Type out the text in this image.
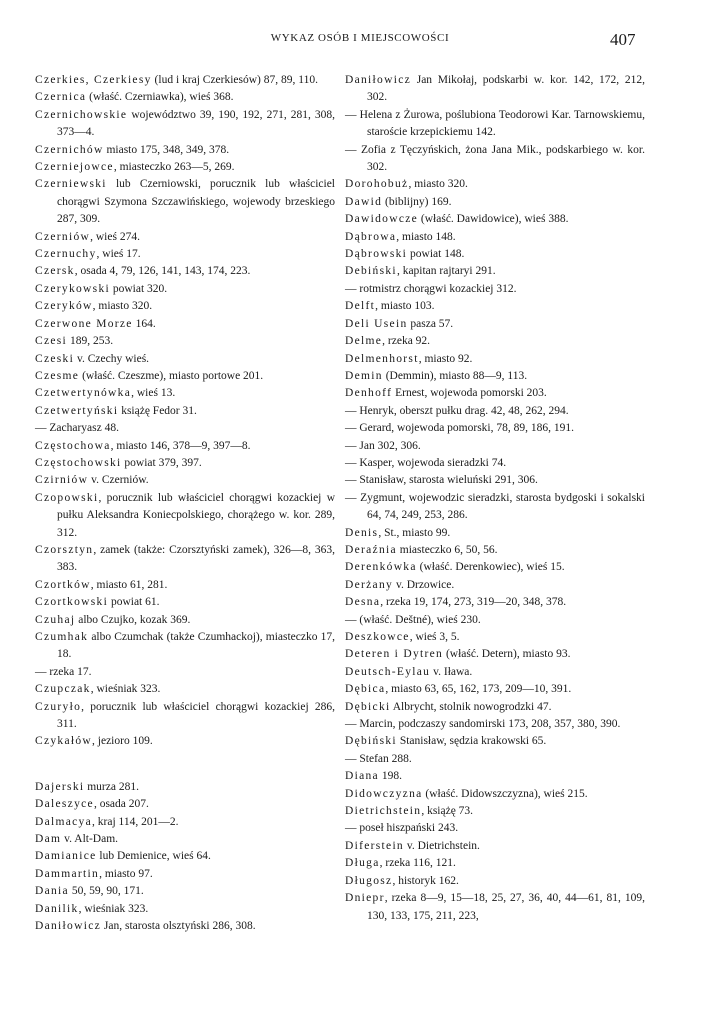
WYKAZ OSÓB I MIEJSCOWOŚCI	407
Czerkies, Czerkiesy (lud i kraj Czerkiesów) 87, 89, 110.
Czernica (właść. Czerniawka), wieś 368.
Czernichowskie województwo 39, 190, 192, 271, 281, 308, 373—4.
Czernichów miasto 175, 348, 349, 378.
Czerniejowce, miasteczko 263—5, 269.
Czerniewski lub Czerniowski, porucznik lub właściciel chorągwi Szymona Szczawińskiego, wojewody brzeskiego 287, 309.
Czerniów, wieś 274.
Czernuchy, wieś 17.
Czersk, osada 4, 79, 126, 141, 143, 174, 223.
Czerykowski powiat 320.
Czeryków, miasto 320.
Czerwone Morze 164.
Czesi 189, 253.
Czeski v. Czechy wieś.
Czesme (właść. Czeszme), miasto portowe 201.
Czetwertynówka, wieś 13.
Czetwertyński książę Fedor 31.
— Zacharyasz 48.
Częstochowa, miasto 146, 378—9, 397—8.
Częstochowski powiat 379, 397.
Czirniów v. Czerniów.
Czopowski, porucznik lub właściciel chorągwi kozackiej w pułku Aleksandra Koniecpolskiego, chorążego w. kor. 289, 312.
Czorsztyn, zamek (także: Czorsztyński zamek), 326—8, 363, 383.
Czortków, miasto 61, 281.
Czortkowski powiat 61.
Czuhaj albo Czujko, kozak 369.
Czumhak albo Czumchak (także Czumhackoj), miasteczko 17, 18.
— rzeka 17.
Czupczak, wieśniak 323.
Czuryło, porucznik lub właściciel chorągwi kozackiej 286, 311.
Czykałów, jezioro 109.
Dajerski murza 281.
Daleszyce, osada 207.
Dalmacya, kraj 114, 201—2.
Dam v. Alt-Dam.
Damianice lub Demienice, wieś 64.
Dammartin, miasto 97.
Dania 50, 59, 90, 171.
Danilik, wieśniak 323.
Daniłowicz Jan, starosta olsztyński 286, 308.
Daniłowicz Jan Mikołaj, podskarbi w. kor. 142, 172, 212, 302.
— Helena z Żurowa, poślubiona Teodorowi Kar. Tarnowskiemu, staroście krzepickiemu 142.
— Zofia z Tęczyńskich, żona Jana Mik., podskarbiego w. kor. 302.
Dorohobuż, miasto 320.
Dawid (biblijny) 169.
Dawidowcze (właść. Dawidowice), wieś 388.
Dąbrowa, miasto 148.
Dąbrowski powiat 148.
Debiński, kapitan rajtaryi 291.
— rotmistrz chorągwi kozackiej 312.
Delft, miasto 103.
Deli Usein pasza 57.
Delme, rzeka 92.
Delmenhorst, miasto 92.
Demin (Demmin), miasto 88—9, 113.
Denhoff Ernest, wojewoda pomorski 203.
— Henryk, oberszt pułku drag. 42, 48, 262, 294.
— Gerard, wojewoda pomorski, 78, 89, 186, 191.
— Jan 302, 306.
— Kasper, wojewoda sieradzki 74.
— Stanisław, starosta wieluński 291, 306.
— Zygmunt, wojewodzic sieradzki, starosta bydgoski i sokalski 64, 74, 249, 253, 286.
Denis, St., miasto 99.
Deraźnia miasteczko 6, 50, 56.
Derenkówka (właść. Derenkowiec), wieś 15.
Derżany v. Drzowice.
Desna, rzeka 19, 174, 273, 319—20, 348, 378.
— (właść. Deštné), wieś 230.
Deszkowce, wieś 3, 5.
Deteren i Dytren (właść. Detern), miasto 93.
Deutsch-Eylau v. Iława.
Dębica, miasto 63, 65, 162, 173, 209—10, 391.
Dębicki Albrycht, stolnik nowogrodzki 47.
— Marcin, podczaszy sandomirski 173, 208, 357, 380, 390.
Dębiński Stanisław, sędzia krakowski 65.
— Stefan 288.
Diana 198.
Didowczyzna (właść. Didowszczyzna), wieś 215.
Dietrichstein, książę 73.
— poseł hiszpański 243.
Diferstein v. Dietrichstein.
Długa, rzeka 116, 121.
Długosz, historyk 162.
Dniepr, rzeka 8—9, 15—18, 25, 27, 36, 40, 44—61, 81, 109, 130, 133, 175, 211, 223,
